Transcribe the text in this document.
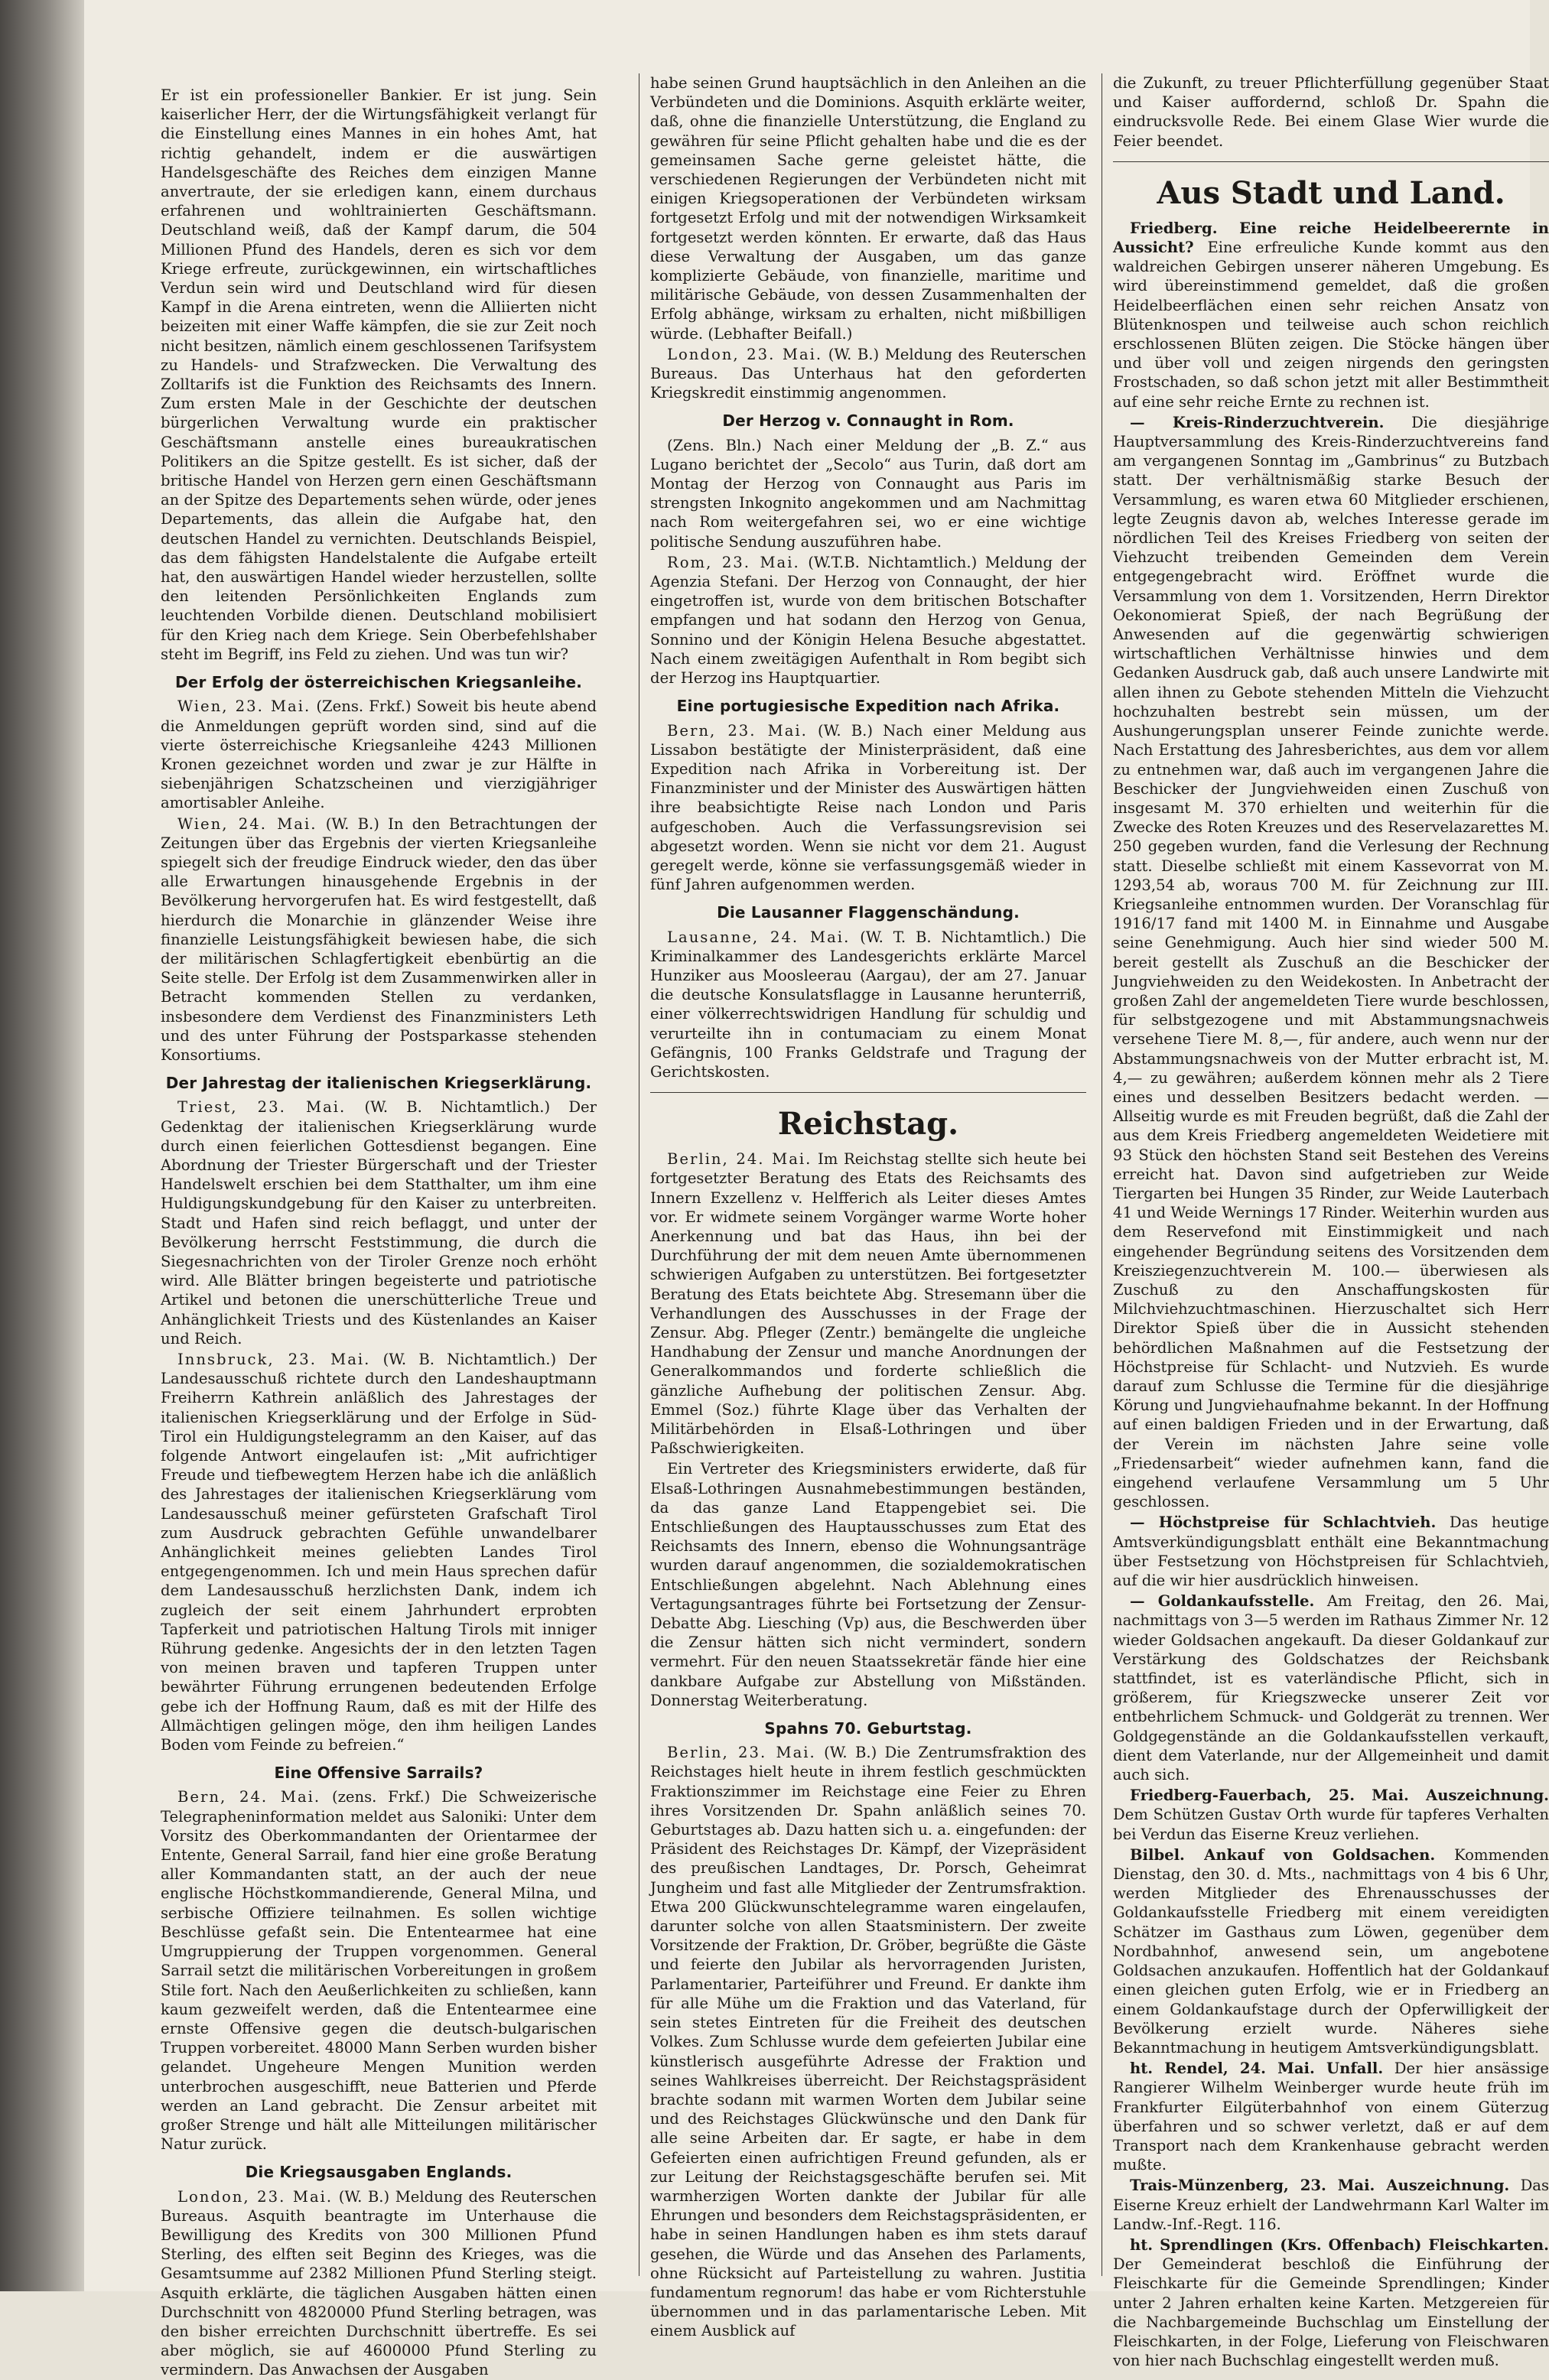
Er ist ein professioneller Bankier. Er ist jung. Sein kaiserlicher Herr, der die Wirtungsfähigkeit verlangt für die Einstellung eines Mannes in ein hohes Amt, hat richtig gehandelt, indem er die auswärtigen Handelsgeschäfte des Reiches dem einzigen Manne anvertraute, der sie erledigen kann, einem durchaus erfahrenen und wohltrainierten Geschäftsmann. Deutschland weiß, daß der Kampf darum, die 504 Millionen Pfund des Handels, deren es sich vor dem Kriege erfreute, zurückgewinnen, ein wirtschaftliches Verdun sein wird und Deutschland wird für diesen Kampf in die Arena eintreten, wenn die Alliierten nicht beizeiten mit einer Waffe kämpfen, die sie zur Zeit noch nicht besitzen, nämlich einem geschlossenen Tarifsystem zu Handels- und Strafzwecken. Die Verwaltung des Zolltarifs ist die Funktion des Reichsamts des Innern. Zum ersten Male in der Geschichte der deutschen bürgerlichen Verwaltung wurde ein praktischer Geschäftsmann anstelle eines bureaukratischen Politikers an die Spitze gestellt. Es ist sicher, daß der britische Handel von Herzen gern einen Geschäftsmann an der Spitze des Departements sehen würde, oder jenes Departements, das allein die Aufgabe hat, den deutschen Handel zu vernichten. Deutschlands Beispiel, das dem fähigsten Handelstalente die Aufgabe erteilt hat, den auswärtigen Handel wieder herzustellen, sollte den leitenden Persönlichkeiten Englands zum leuchtenden Vorbilde dienen. Deutschland mobilisiert für den Krieg nach dem Kriege. Sein Oberbefehlshaber steht im Begriff, ins Feld zu ziehen. Und was tun wir?

Der Erfolg der österreichischen Kriegsanleihe.

Wien, 23. Mai. (Zens. Frkf.) Soweit bis heute abend die Anmeldungen geprüft worden sind, sind auf die vierte österreichische Kriegsanleihe 4243 Millionen Kronen gezeichnet worden und zwar je zur Hälfte in siebenjährigen Schatzscheinen und vierzigjähriger amortisabler Anleihe.

Wien, 24. Mai. (W. B.) In den Betrachtungen der Zeitungen über das Ergebnis der vierten Kriegsanleihe spiegelt sich der freudige Eindruck wieder, den das über alle Erwartungen hinausgehende Ergebnis in der Bevölkerung hervorgerufen hat. Es wird festgestellt, daß hierdurch die Monarchie in glänzender Weise ihre finanzielle Leistungsfähigkeit bewiesen habe, die sich der militärischen Schlagfertigkeit ebenbürtig an die Seite stelle. Der Erfolg ist dem Zusammenwirken aller in Betracht kommenden Stellen zu verdanken, insbesondere dem Verdienst des Finanzministers Leth und des unter Führung der Postsparkasse stehenden Konsortiums.

Der Jahrestag der italienischen Kriegserklärung.

Triest, 23. Mai. (W. B. Nichtamtlich.) Der Gedenktag der italienischen Kriegserklärung wurde durch einen feierlichen Gottesdienst begangen. Eine Abordnung der Triester Bürgerschaft und der Triester Handelswelt erschien bei dem Statthalter, um ihm eine Huldigungskundgebung für den Kaiser zu unterbreiten. Stadt und Hafen sind reich beflaggt, und unter der Bevölkerung herrscht Feststimmung, die durch die Siegesnachrichten von der Tiroler Grenze noch erhöht wird. Alle Blätter bringen begeisterte und patriotische Artikel und betonen die unerschütterliche Treue und Anhänglichkeit Triests und des Küstenlandes an Kaiser und Reich.

Innsbruck, 23. Mai. (W. B. Nichtamtlich.) Der Landesausschuß richtete durch den Landeshauptmann Freiherrn Kathrein anläßlich des Jahrestages der italienischen Kriegserklärung und der Erfolge in Süd-Tirol ein Huldigungstelegramm an den Kaiser, auf das folgende Antwort eingelaufen ist: „Mit aufrichtiger Freude und tiefbewegtem Herzen habe ich die anläßlich des Jahrestages der italienischen Kriegserklärung vom Landesausschuß meiner gefürsteten Grafschaft Tirol zum Ausdruck gebrachten Gefühle unwandelbarer Anhänglichkeit meines geliebten Landes Tirol entgegengenommen. Ich und mein Haus sprechen dafür dem Landesausschuß herzlichsten Dank, indem ich zugleich der seit einem Jahrhundert erprobten Tapferkeit und patriotischen Haltung Tirols mit inniger Rührung gedenke. Angesichts der in den letzten Tagen von meinen braven und tapferen Truppen unter bewährter Führung errungenen bedeutenden Erfolge gebe ich der Hoffnung Raum, daß es mit der Hilfe des Allmächtigen gelingen möge, den ihm heiligen Landes Boden vom Feinde zu befreien.“

Eine Offensive Sarrails?

Bern, 24. Mai. (zens. Frkf.) Die Schweizerische Telegrapheninformation meldet aus Saloniki: Unter dem Vorsitz des Oberkommandanten der Orientarmee der Entente, General Sarrail, fand hier eine große Beratung aller Kommandanten statt, an der auch der neue englische Höchstkommandierende, General Milna, und serbische Offiziere teilnahmen. Es sollen wichtige Beschlüsse gefaßt sein. Die Ententearmee hat eine Umgruppierung der Truppen vorgenommen. General Sarrail setzt die militärischen Vorbereitungen in großem Stile fort. Nach den Aeußerlichkeiten zu schließen, kann kaum gezweifelt werden, daß die Ententearmee eine ernste Offensive gegen die deutsch-bulgarischen Truppen vorbereitet. 48000 Mann Serben wurden bisher gelandet. Ungeheure Mengen Munition werden unterbrochen ausgeschifft, neue Batterien und Pferde werden an Land gebracht. Die Zensur arbeitet mit großer Strenge und hält alle Mitteilungen militärischer Natur zurück.

Die Kriegsausgaben Englands.

London, 23. Mai. (W. B.) Meldung des Reuterschen Bureaus. Asquith beantragte im Unterhause die Bewilligung des Kredits von 300 Millionen Pfund Sterling, des elften seit Beginn des Krieges, was die Gesamtsumme auf 2382 Millionen Pfund Sterling steigt. Asquith erklärte, die täglichen Ausgaben hätten einen Durchschnitt von 4820000 Pfund Sterling betragen, was den bisher erreichten Durchschnitt übertreffe. Es sei aber möglich, sie auf 4600000 Pfund Sterling zu vermindern. Das Anwachsen der Ausgaben

habe seinen Grund hauptsächlich in den Anleihen an die Verbündeten und die Dominions. Asquith erklärte weiter, daß, ohne die finanzielle Unterstützung, die England zu gewähren für seine Pflicht gehalten habe und die es der gemeinsamen Sache gerne geleistet hätte, die verschiedenen Regierungen der Verbündeten nicht mit einigen Kriegsoperationen der Verbündeten wirksam fortgesetzt Erfolg und mit der notwendigen Wirksamkeit fortgesetzt werden könnten. Er erwarte, daß das Haus diese Verwaltung der Ausgaben, um das ganze komplizierte Gebäude, von finanzielle, maritime und militärische Gebäude, von dessen Zusammenhalten der Erfolg abhänge, wirksam zu erhalten, nicht mißbilligen würde. (Lebhafter Beifall.)

London, 23. Mai. (W. B.) Meldung des Reuterschen Bureaus. Das Unterhaus hat den geforderten Kriegskredit einstimmig angenommen.

Der Herzog v. Connaught in Rom.

(Zens. Bln.) Nach einer Meldung der „B. Z.“ aus Lugano berichtet der „Secolo“ aus Turin, daß dort am Montag der Herzog von Connaught aus Paris im strengsten Inkognito angekommen und am Nachmittag nach Rom weitergefahren sei, wo er eine wichtige politische Sendung auszuführen habe.

Rom, 23. Mai. (W.T.B. Nichtamtlich.) Meldung der Agenzia Stefani. Der Herzog von Connaught, der hier eingetroffen ist, wurde von dem britischen Botschafter empfangen und hat sodann den Herzog von Genua, Sonnino und der Königin Helena Besuche abgestattet. Nach einem zweitägigen Aufenthalt in Rom begibt sich der Herzog ins Hauptquartier.

Eine portugiesische Expedition nach Afrika.

Bern, 23. Mai. (W. B.) Nach einer Meldung aus Lissabon bestätigte der Ministerpräsident, daß eine Expedition nach Afrika in Vorbereitung ist. Der Finanzminister und der Minister des Auswärtigen hätten ihre beabsichtigte Reise nach London und Paris aufgeschoben. Auch die Verfassungsrevision sei abgesetzt worden. Wenn sie nicht vor dem 21. August geregelt werde, könne sie verfassungsgemäß wieder in fünf Jahren aufgenommen werden.

Die Lausanner Flaggenschändung.

Lausanne, 24. Mai. (W. T. B. Nichtamtlich.) Die Kriminalkammer des Landesgerichts erklärte Marcel Hunziker aus Moosleerau (Aargau), der am 27. Januar die deutsche Konsulatsflagge in Lausanne herunterriß, einer völkerrechtswidrigen Handlung für schuldig und verurteilte ihn in contumaciam zu einem Monat Gefängnis, 100 Franks Geldstrafe und Tragung der Gerichtskosten.

Reichstag.

Berlin, 24. Mai. Im Reichstag stellte sich heute bei fortgesetzter Beratung des Etats des Reichsamts des Innern Exzellenz v. Helfferich als Leiter dieses Amtes vor. Er widmete seinem Vorgänger warme Worte hoher Anerkennung und bat das Haus, ihn bei der Durchführung der mit dem neuen Amte übernommenen schwierigen Aufgaben zu unterstützen. Bei fortgesetzter Beratung des Etats beichtete Abg. Stresemann über die Verhandlungen des Ausschusses in der Frage der Zensur. Abg. Pfleger (Zentr.) bemängelte die ungleiche Handhabung der Zensur und manche Anordnungen der Generalkommandos und forderte schließlich die gänzliche Aufhebung der politischen Zensur. Abg. Emmel (Soz.) führte Klage über das Verhalten der Militärbehörden in Elsaß-Lothringen und über Paßschwierigkeiten.

Ein Vertreter des Kriegsministers erwiderte, daß für Elsaß-Lothringen Ausnahmebestimmungen beständen, da das ganze Land Etappengebiet sei. Die Entschließungen des Hauptausschusses zum Etat des Reichsamts des Innern, ebenso die Wohnungsanträge wurden darauf angenommen, die sozialdemokratischen Entschließungen abgelehnt. Nach Ablehnung eines Vertagungsantrages führte bei Fortsetzung der Zensur-Debatte Abg. Liesching (Vp) aus, die Beschwerden über die Zensur hätten sich nicht vermindert, sondern vermehrt. Für den neuen Staatssekretär fände hier eine dankbare Aufgabe zur Abstellung von Mißständen. Donnerstag Weiterberatung.

Spahns 70. Geburtstag.

Berlin, 23. Mai. (W. B.) Die Zentrumsfraktion des Reichstages hielt heute in ihrem festlich geschmückten Fraktionszimmer im Reichstage eine Feier zu Ehren ihres Vorsitzenden Dr. Spahn anläßlich seines 70. Geburtstages ab. Dazu hatten sich u. a. eingefunden: der Präsident des Reichstages Dr. Kämpf, der Vizepräsident des preußischen Landtages, Dr. Porsch, Geheimrat Jungheim und fast alle Mitglieder der Zentrumsfraktion. Etwa 200 Glückwunschtelegramme waren eingelaufen, darunter solche von allen Staatsministern. Der zweite Vorsitzende der Fraktion, Dr. Gröber, begrüßte die Gäste und feierte den Jubilar als hervorragenden Juristen, Parlamentarier, Parteiführer und Freund. Er dankte ihm für alle Mühe um die Fraktion und das Vaterland, für sein stetes Eintreten für die Freiheit des deutschen Volkes. Zum Schlusse wurde dem gefeierten Jubilar eine künstlerisch ausgeführte Adresse der Fraktion und seines Wahlkreises überreicht. Der Reichstagspräsident brachte sodann mit warmen Worten dem Jubilar seine und des Reichstages Glückwünsche und den Dank für alle seine Arbeiten dar. Er sagte, er habe in dem Gefeierten einen aufrichtigen Freund gefunden, als er zur Leitung der Reichstagsgeschäfte berufen sei. Mit warmherzigen Worten dankte der Jubilar für alle Ehrungen und besonders dem Reichstagspräsidenten, er habe in seinen Handlungen haben es ihm stets darauf gesehen, die Würde und das Ansehen des Parlaments, ohne Rücksicht auf Parteistellung zu wahren. Justitia fundamentum regnorum! das habe er vom Richterstuhle übernommen und in das parlamentarische Leben. Mit einem Ausblick auf

die Zukunft, zu treuer Pflichterfüllung gegenüber Staat und Kaiser auffordernd, schloß Dr. Spahn die eindrucksvolle Rede. Bei einem Glase Wier wurde die Feier beendet.

Aus Stadt und Land.

Friedberg. Eine reiche Heidelbeerernte in Aussicht? Eine erfreuliche Kunde kommt aus den waldreichen Gebirgen unserer näheren Umgebung. Es wird übereinstimmend gemeldet, daß die großen Heidelbeerflächen einen sehr reichen Ansatz von Blütenknospen und teilweise auch schon reichlich erschlossenen Blüten zeigen. Die Stöcke hängen über und über voll und zeigen nirgends den geringsten Frostschaden, so daß schon jetzt mit aller Bestimmtheit auf eine sehr reiche Ernte zu rechnen ist.

— Kreis-Rinderzuchtverein. Die diesjährige Hauptversammlung des Kreis-Rinderzuchtvereins fand am vergangenen Sonntag im „Gambrinus“ zu Butzbach statt. Der verhältnismäßig starke Besuch der Versammlung, es waren etwa 60 Mitglieder erschienen, legte Zeugnis davon ab, welches Interesse gerade im nördlichen Teil des Kreises Friedberg von seiten der Viehzucht treibenden Gemeinden dem Verein entgegengebracht wird. Eröffnet wurde die Versammlung von dem 1. Vorsitzenden, Herrn Direktor Oekonomierat Spieß, der nach Begrüßung der Anwesenden auf die gegenwärtig schwierigen wirtschaftlichen Verhältnisse hinwies und dem Gedanken Ausdruck gab, daß auch unsere Landwirte mit allen ihnen zu Gebote stehenden Mitteln die Viehzucht hochzuhalten bestrebt sein müssen, um der Aushungerungsplan unserer Feinde zunichte werde. Nach Erstattung des Jahresberichtes, aus dem vor allem zu entnehmen war, daß auch im vergangenen Jahre die Beschicker der Jungviehweiden einen Zuschuß von insgesamt M. 370 erhielten und weiterhin für die Zwecke des Roten Kreuzes und des Reservelazarettes M. 250 gegeben wurden, fand die Verlesung der Rechnung statt. Dieselbe schließt mit einem Kassevorrat von M. 1293,54 ab, woraus 700 M. für Zeichnung zur III. Kriegsanleihe entnommen wurden. Der Voranschlag für 1916/17 fand mit 1400 M. in Einnahme und Ausgabe seine Genehmigung. Auch hier sind wieder 500 M. bereit gestellt als Zuschuß an die Beschicker der Jungviehweiden zu den Weidekosten. In Anbetracht der großen Zahl der angemeldeten Tiere wurde beschlossen, für selbstgezogene und mit Abstammungsnachweis versehene Tiere M. 8,—, für andere, auch wenn nur der Abstammungsnachweis von der Mutter erbracht ist, M. 4,— zu gewähren; außerdem können mehr als 2 Tiere eines und desselben Besitzers bedacht werden. — Allseitig wurde es mit Freuden begrüßt, daß die Zahl der aus dem Kreis Friedberg angemeldeten Weidetiere mit 93 Stück den höchsten Stand seit Bestehen des Vereins erreicht hat. Davon sind aufgetrieben zur Weide Tiergarten bei Hungen 35 Rinder, zur Weide Lauterbach 41 und Weide Wernings 17 Rinder. Weiterhin wurden aus dem Reservefond mit Einstimmigkeit und nach eingehender Begründung seitens des Vorsitzenden dem Kreisziegenzuchtverein M. 100.— überwiesen als Zuschuß zu den Anschaffungskosten für Milchviehzuchtmaschinen. Hierzuschaltet sich Herr Direktor Spieß über die in Aussicht stehenden behördlichen Maßnahmen auf die Festsetzung der Höchstpreise für Schlacht- und Nutzvieh. Es wurde darauf zum Schlusse die Termine für die diesjährige Körung und Jungviehaufnahme bekannt. In der Hoffnung auf einen baldigen Frieden und in der Erwartung, daß der Verein im nächsten Jahre seine volle „Friedensarbeit“ wieder aufnehmen kann, fand die eingehend verlaufene Versammlung um 5 Uhr geschlossen.

— Höchstpreise für Schlachtvieh. Das heutige Amtsverkündigungsblatt enthält eine Bekanntmachung über Festsetzung von Höchstpreisen für Schlachtvieh, auf die wir hier ausdrücklich hinweisen.

— Goldankaufsstelle. Am Freitag, den 26. Mai, nachmittags von 3—5 werden im Rathaus Zimmer Nr. 12 wieder Goldsachen angekauft. Da dieser Goldankauf zur Verstärkung des Goldschatzes der Reichsbank stattfindet, ist es vaterländische Pflicht, sich in größerem, für Kriegszwecke unserer Zeit vor entbehrlichem Schmuck- und Goldgerät zu trennen. Wer Goldgegenstände an die Goldankaufsstellen verkauft, dient dem Vaterlande, nur der Allgemeinheit und damit auch sich.

Friedberg-Fauerbach, 25. Mai. Auszeichnung. Dem Schützen Gustav Orth wurde für tapferes Verhalten bei Verdun das Eiserne Kreuz verliehen.

Bilbel. Ankauf von Goldsachen. Kommenden Dienstag, den 30. d. Mts., nachmittags von 4 bis 6 Uhr, werden Mitglieder des Ehrenausschusses der Goldankaufsstelle Friedberg mit einem vereidigten Schätzer im Gasthaus zum Löwen, gegenüber dem Nordbahnhof, anwesend sein, um angebotene Goldsachen anzukaufen. Hoffentlich hat der Goldankauf einen gleichen guten Erfolg, wie er in Friedberg an einem Goldankaufstage durch der Opferwilligkeit der Bevölkerung erzielt wurde. Näheres siehe Bekanntmachung in heutigem Amtsverkündigungsblatt.

ht. Rendel, 24. Mai. Unfall. Der hier ansässige Rangierer Wilhelm Weinberger wurde heute früh im Frankfurter Eilgüterbahnhof von einem Güterzug überfahren und so schwer verletzt, daß er auf dem Transport nach dem Krankenhause gebracht werden mußte.

Trais-Münzenberg, 23. Mai. Auszeichnung. Das Eiserne Kreuz erhielt der Landwehrmann Karl Walter im Landw.-Inf.-Regt. 116.

ht. Sprendlingen (Krs. Offenbach) Fleischkarten. Der Gemeinderat beschloß die Einführung der Fleischkarte für die Gemeinde Sprendlingen; Kinder unter 2 Jahren erhalten keine Karten. Metzgereien für die Nachbargemeinde Buchschlag um Einstellung der Fleischkarten, in der Folge, Lieferung von Fleischwaren von hier nach Buchschlag eingestellt werden muß.
